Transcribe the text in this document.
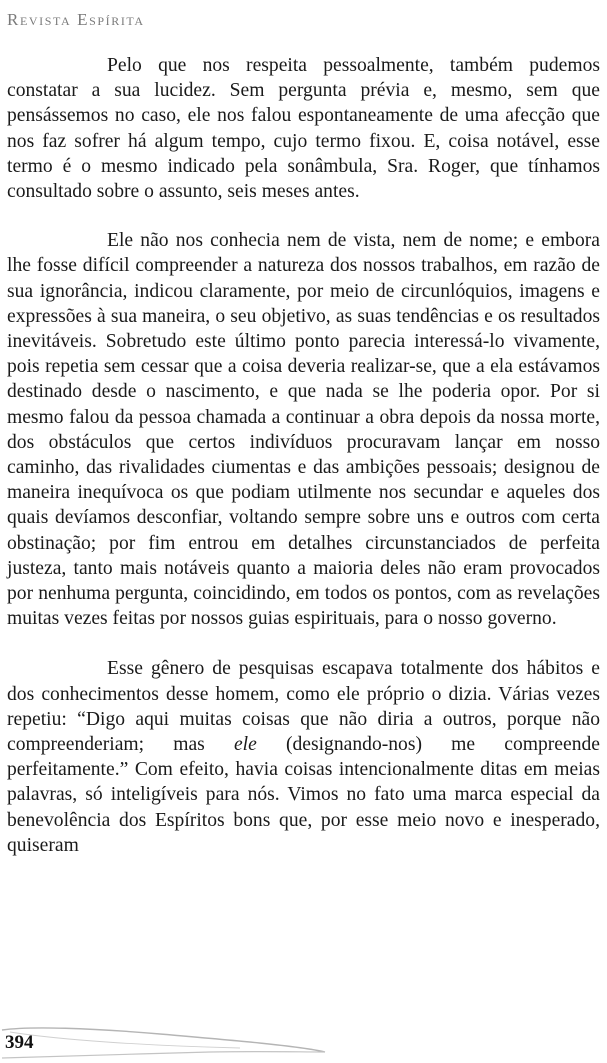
Revista Espírita

Pelo que nos respeita pessoalmente, também pudemos constatar a sua lucidez. Sem pergunta prévia e, mesmo, sem que pensássemos no caso, ele nos falou espontaneamente de uma afecção que nos faz sofrer há algum tempo, cujo termo fixou. E, coisa notável, esse termo é o mesmo indicado pela sonâmbula, Sra. Roger, que tínhamos consultado sobre o assunto, seis meses antes.

Ele não nos conhecia nem de vista, nem de nome; e embora lhe fosse difícil compreender a natureza dos nossos trabalhos, em razão de sua ignorância, indicou claramente, por meio de circunlóquios, imagens e expressões à sua maneira, o seu objetivo, as suas tendências e os resultados inevitáveis. Sobretudo este último ponto parecia interessá-lo vivamente, pois repetia sem cessar que a coisa deveria realizar-se, que a ela estávamos destinado desde o nascimento, e que nada se lhe poderia opor. Por si mesmo falou da pessoa chamada a continuar a obra depois da nossa morte, dos obstáculos que certos indivíduos procuravam lançar em nosso caminho, das rivalidades ciumentas e das ambições pessoais; designou de maneira inequívoca os que podiam utilmente nos secundar e aqueles dos quais devíamos desconfiar, voltando sempre sobre uns e outros com certa obstinação; por fim entrou em detalhes circunstanciados de perfeita justeza, tanto mais notáveis quanto a maioria deles não eram provocados por nenhuma pergunta, coincidindo, em todos os pontos, com as revelações muitas vezes feitas por nossos guias espirituais, para o nosso governo.

Esse gênero de pesquisas escapava totalmente dos hábitos e dos conhecimentos desse homem, como ele próprio o dizia. Várias vezes repetiu: “Digo aqui muitas coisas que não diria a outros, porque não compreenderiam; mas ele (designando-nos) me compreende perfeitamente.” Com efeito, havia coisas intencionalmente ditas em meias palavras, só inteligíveis para nós. Vimos no fato uma marca especial da benevolência dos Espíritos bons que, por esse meio novo e inesperado, quiseram

394
